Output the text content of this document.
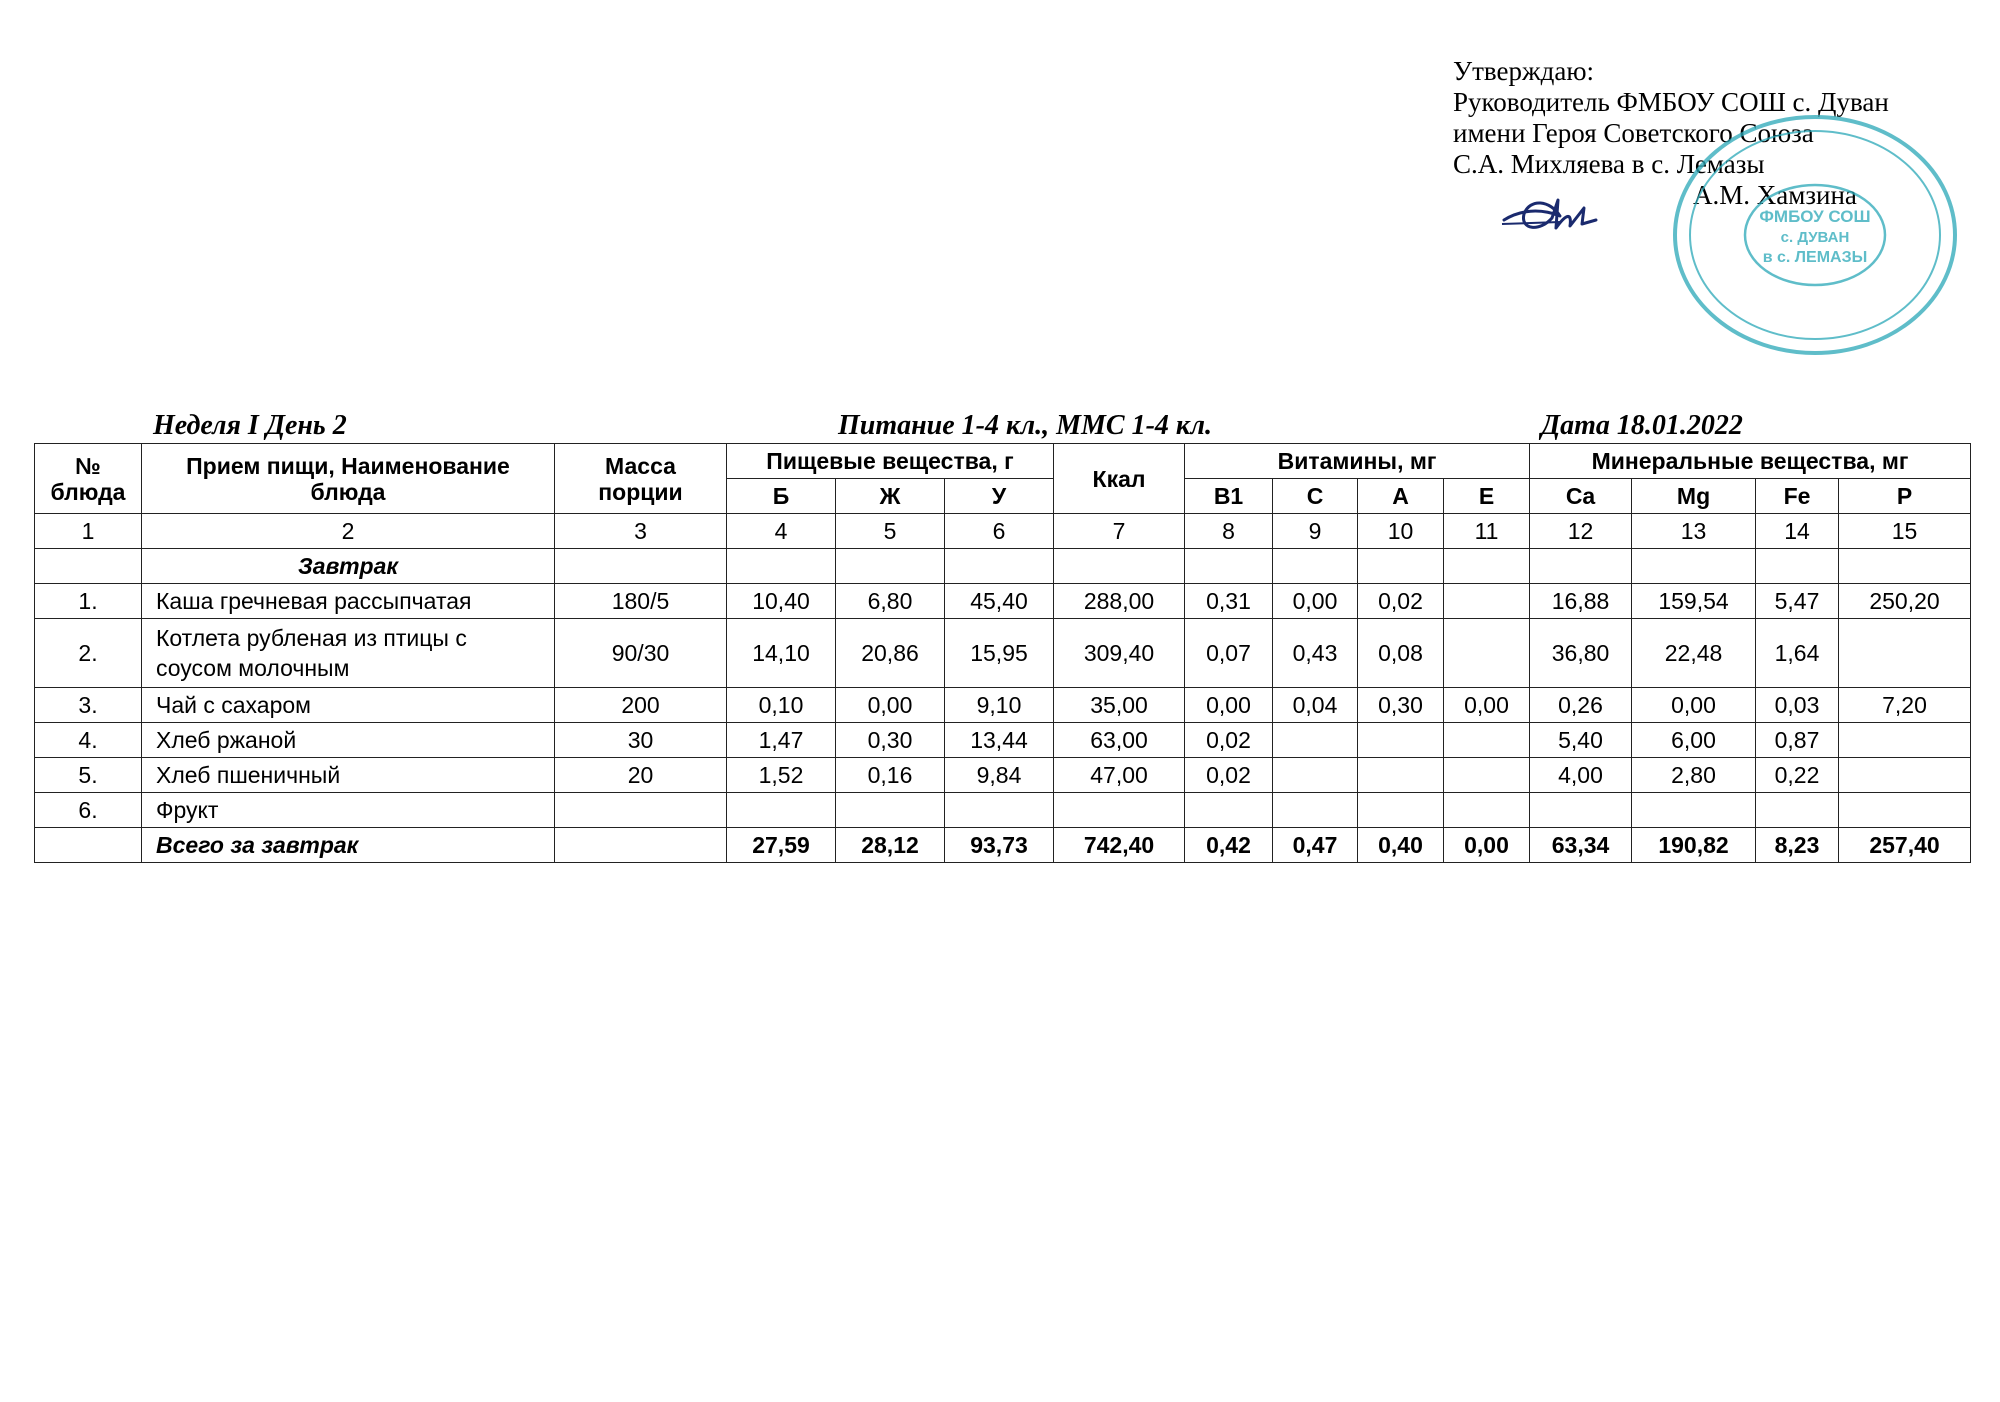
Утверждаю:
Руководитель ФМБОУ СОШ с. Дуван
имени Героя Советского Союза
С.А. Михляева в с. Лемазы
А.М. Хамзина
ФМБОУ СОШ
с. ДУВАН
в с. ЛЕМАЗЫ
Неделя I День 2	Питание 1-4 кл., ММС 1-4 кл.	Дата 18.01.2022
№ блюда	Прием пищи, Наименование блюда	Масса порции	Пищевые вещества, г			Ккал	Витамины, мг				Минеральные вещества, мг			
			Б	Ж	У		B1	C	A	E	Ca	Mg	Fe	P
1	2	3	4	5	6	7	8	9	10	11	12	13	14	15
	Завтрак													
1.	Каша гречневая рассыпчатая	180/5	10,40	6,80	45,40	288,00	0,31	0,00	0,02		16,88	159,54	5,47	250,20
2.	Котлета рубленая из птицы с соусом молочным	90/30	14,10	20,86	15,95	309,40	0,07	0,43	0,08		36,80	22,48	1,64	
3.	Чай с сахаром	200	0,10	0,00	9,10	35,00	0,00	0,04	0,30	0,00	0,26	0,00	0,03	7,20
4.	Хлеб ржаной	30	1,47	0,30	13,44	63,00	0,02				5,40	6,00	0,87	
5.	Хлеб пшеничный	20	1,52	0,16	9,84	47,00	0,02				4,00	2,80	0,22	
6.	Фрукт													
	Всего за завтрак		27,59	28,12	93,73	742,40	0,42	0,47	0,40	0,00	63,34	190,82	8,23	257,40
